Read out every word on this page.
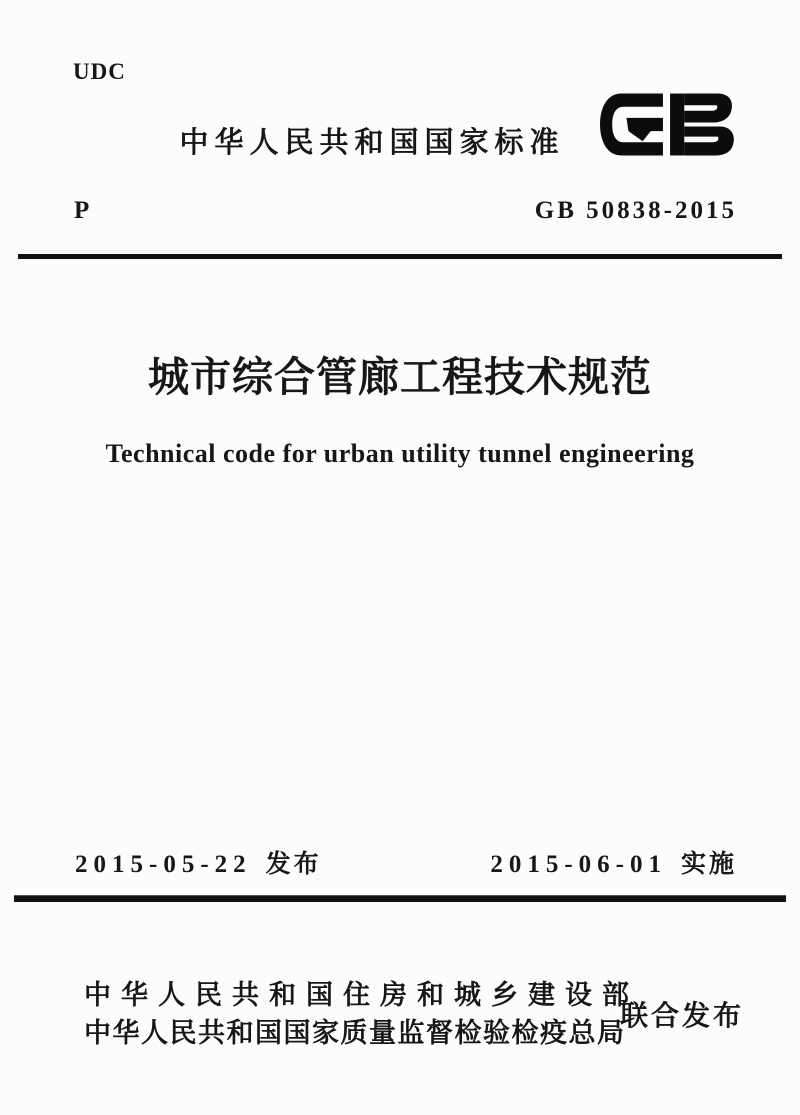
UDC
中华人民共和国国家标准
P	GB 50838-2015
城市综合管廊工程技术规范
Technical code for urban utility tunnel engineering
2015-05-22 发布	2015-06-01 实施
中华人民共和国住房和城乡建设部
中华人民共和国国家质量监督检验检疫总局
联合发布
